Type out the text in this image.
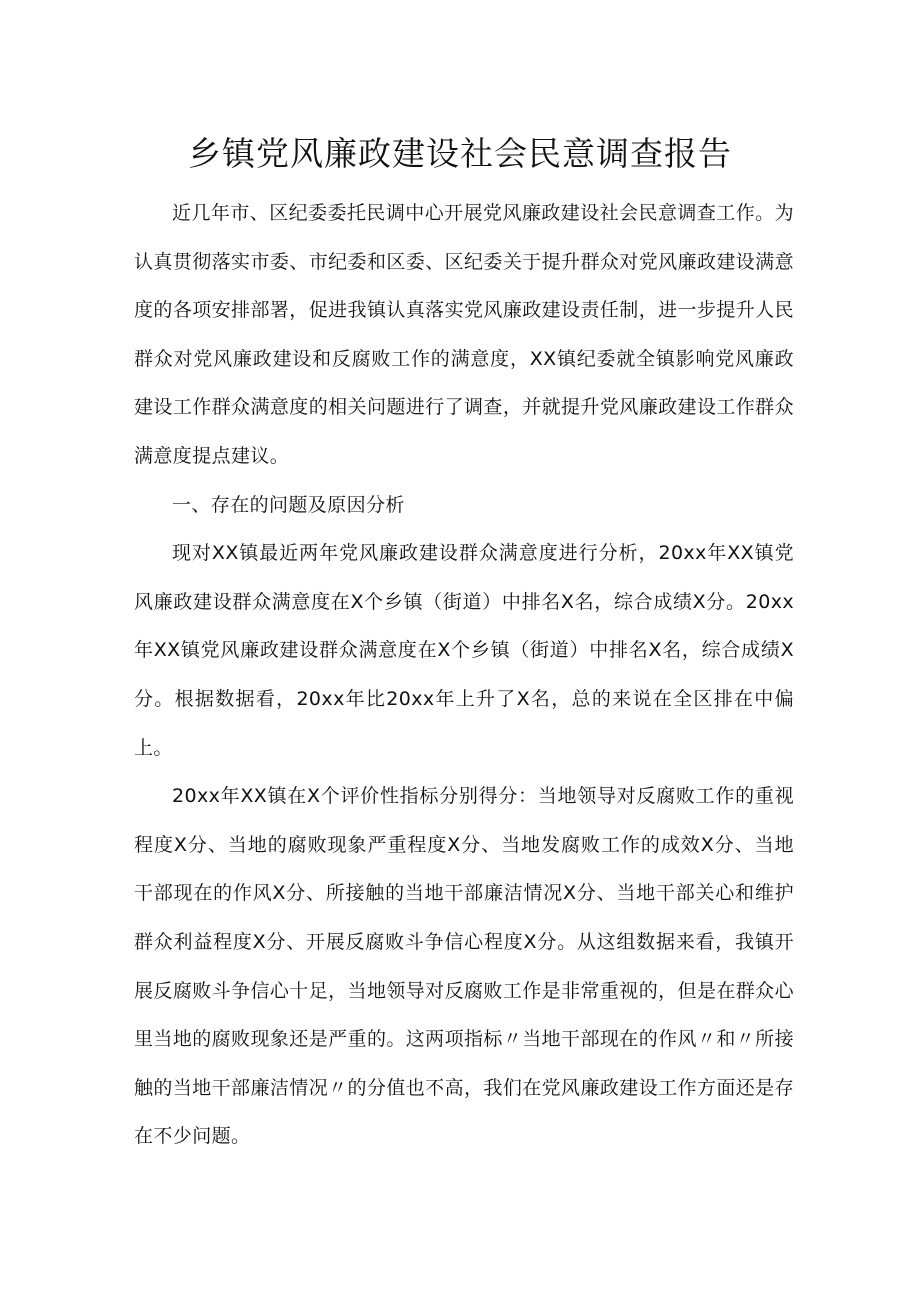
乡镇党风廉政建设社会民意调查报告

近几年市、区纪委委托民调中心开展党风廉政建设社会民意调查工作。为认真贯彻落实市委、市纪委和区委、区纪委关于提升群众对党风廉政建设满意度的各项安排部署，促进我镇认真落实党风廉政建设责任制，进一步提升人民群众对党风廉政建设和反腐败工作的满意度，XX镇纪委就全镇影响党风廉政建设工作群众满意度的相关问题进行了调查，并就提升党风廉政建设工作群众满意度提点建议。

一、存在的问题及原因分析

现对XX镇最近两年党风廉政建设群众满意度进行分析，20xx年XX镇党风廉政建设群众满意度在X个乡镇（街道）中排名X名，综合成绩X分。20xx年XX镇党风廉政建设群众满意度在X个乡镇（街道）中排名X名，综合成绩X分。根据数据看，20xx年比20xx年上升了X名，总的来说在全区排在中偏上。

20xx年XX镇在X个评价性指标分别得分：当地领导对反腐败工作的重视程度X分、当地的腐败现象严重程度X分、当地发腐败工作的成效X分、当地干部现在的作风X分、所接触的当地干部廉洁情况X分、当地干部关心和维护群众利益程度X分、开展反腐败斗争信心程度X分。从这组数据来看，我镇开展反腐败斗争信心十足，当地领导对反腐败工作是非常重视的，但是在群众心里当地的腐败现象还是严重的。这两项指标〃当地干部现在的作风〃和〃所接触的当地干部廉洁情况〃的分值也不高，我们在党风廉政建设工作方面还是存在不少问题。
